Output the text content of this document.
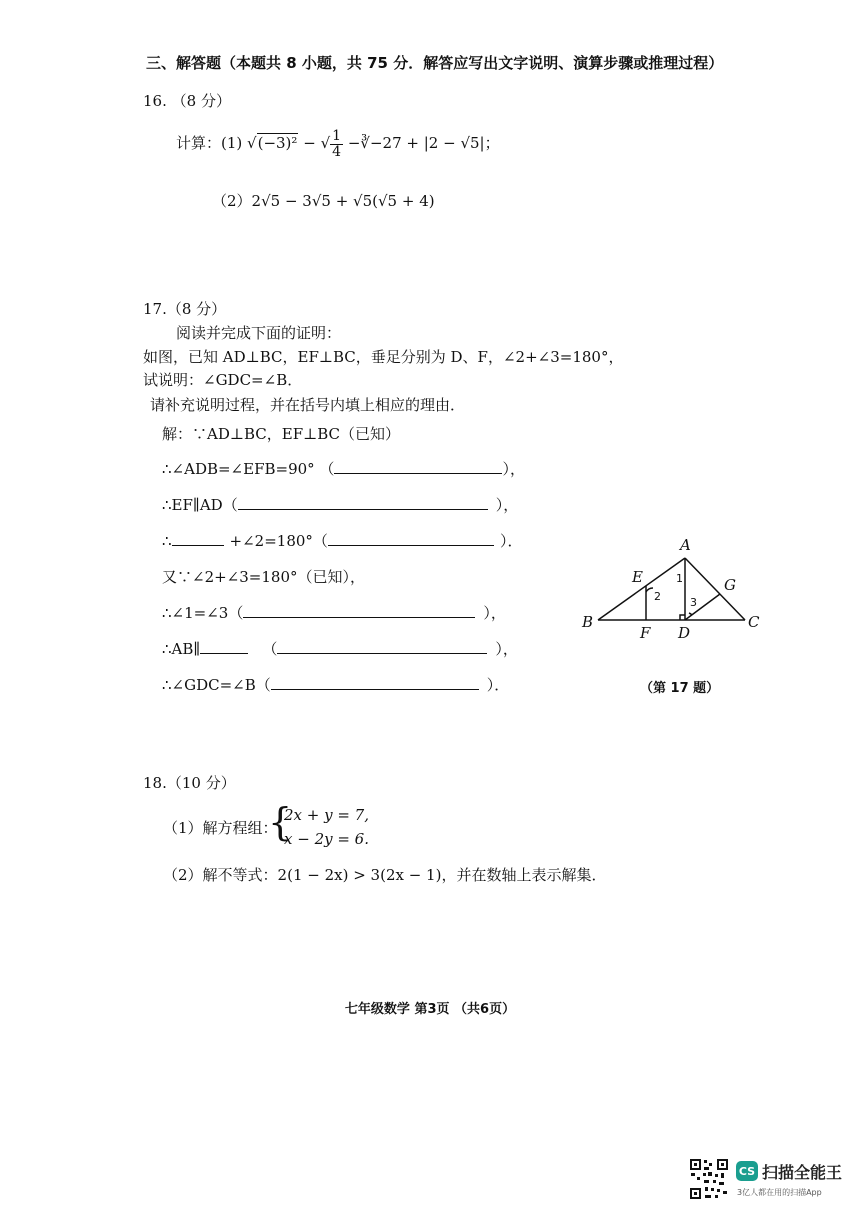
三、解答题（本题共 8 小题，共 75 分．解答应写出文字说明、演算步骤或推理过程）
16. （8 分）
计算：(1) √(−3)² − √ $\frac{1}{4}$ −∛−27 + |2 − √5|；
（2）2√5 − 3√5 + √5(√5 + 4)
17.（8 分）
阅读并完成下面的证明：
如图，已知 AD⊥BC，EF⊥BC，垂足分别为 D、F，∠2+∠3=180°，
试说明：∠GDC=∠B．
请补充说明过程，并在括号内填上相应的理由．
解：∵AD⊥BC，EF⊥BC（已知）
∴∠ADB=∠EFB=90° （	），
∴EF∥AD（	），
∴	+∠2=180°（	）．
又∵∠2+∠3=180°（已知），
∴∠1=∠3（	），
∴AB∥	（	），
∴∠GDC=∠B（	）．
A
B	C
D
E
F
G
1
2	3
（第 17 题）
18.（10 分）
（1）解方程组：
{
2x + y = 7,
x − 2y = 6.
（2）解不等式：2(1 − 2x) > 3(2x − 1)，并在数轴上表示解集．
七年级数学 第3页 （共6页）
CS 扫描全能王
3亿人都在用的扫描App
